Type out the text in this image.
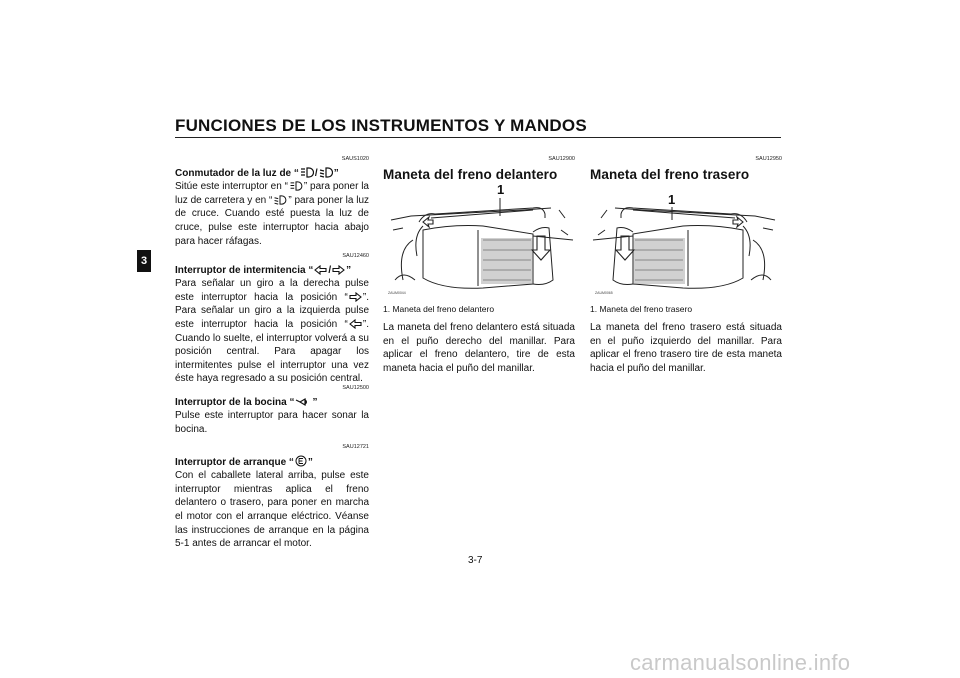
FUNCIONES DE LOS INSTRUMENTOS Y MANDOS
3
SAUS1020
Conmutador de la luz de “ / ”
Sitúe este interruptor en “ ” para poner la luz de carretera y en “ ” para poner la luz de cruce. Cuando esté puesta la luz de cruce, pulse este interruptor hacia abajo para hacer ráfagas.
SAU12460
Interruptor de intermitencia “ / ”
Para señalar un giro a la derecha pulse este interruptor hacia la posición “ ”. Para señalar un giro a la izquierda pulse este interruptor hacia la posición “ ”. Cuando lo suelte, el interruptor volverá a su posición central. Para apagar los intermitentes pulse el interruptor una vez éste haya regresado a su posición central.
SAU12500
Interruptor de la bocina “ ”
Pulse este interruptor para hacer sonar la bocina.
SAU12721
Interruptor de arranque “ ”
Con el caballete lateral arriba, pulse este interruptor mientras aplica el freno delantero o trasero, para poner en marcha el motor con el arranque eléctrico. Véanse las instrucciones de arranque en la página 5-1 antes de arrancar el motor.
SAU12900
Maneta del freno delantero
1
ZAUM0044
1. Maneta del freno delantero
La maneta del freno delantero está situada en el puño derecho del manillar. Para aplicar el freno delantero, tire de esta maneta hacia el puño del manillar.
SAU12950
Maneta del freno trasero
1
ZAUM0065
1. Maneta del freno trasero
La maneta del freno trasero está situada en el puño izquierdo del manillar. Para aplicar el freno trasero tire de esta maneta hacia el puño del manillar.
3-7
carmanualsonline.info
